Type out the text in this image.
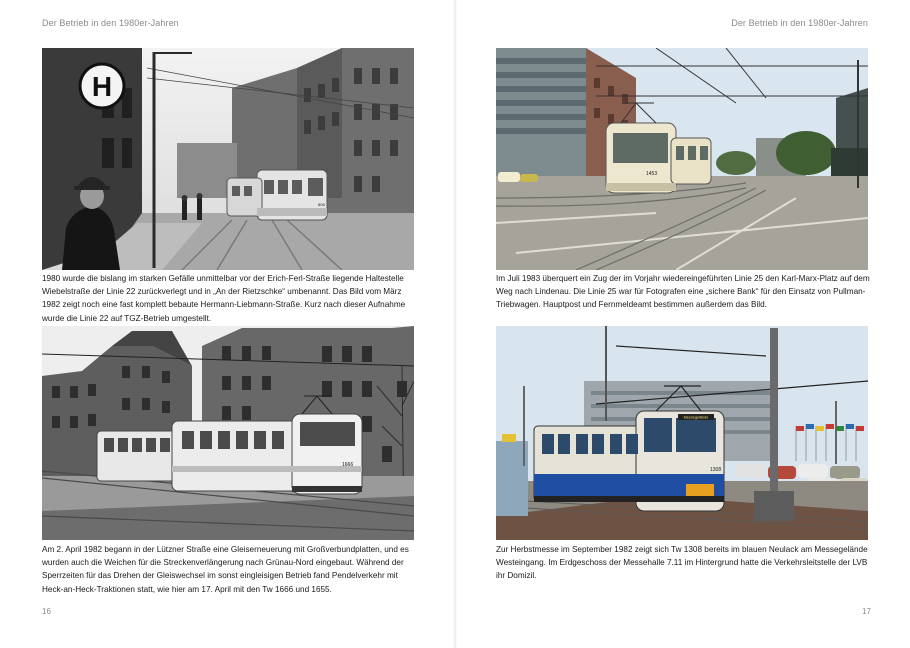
Der Betrieb in den 1980er-Jahren
808
H

1980 wurde die bislang im starken Gefälle unmittelbar vor der Erich-Ferl-Straße liegende Haltestelle Wiebelstraße der Linie 22 zurückverlegt und in „An der Rietzschke“ umbenannt. Das Bild vom März 1982 zeigt noch eine fast komplett bebaute Hermann-Liebmann-Straße. Kurz nach dieser Aufnahme wurde die Linie 22 auf TGZ-Betrieb umgestellt.

1666

Am 2. April 1982 begann in der Lützner Straße eine Gleiserneuerung mit Großverbundplatten, und es wurden auch die Weichen für die Streckenverlängerung nach Grünau-Nord eingebaut. Während der Sperrzeiten für das Drehen der Gleiswechsel im sonst eingleisigen Betrieb fand Pendelverkehr mit Heck-an-Heck-Traktionen statt, wie hier am 17. April mit den Tw 1666 und 1655.

16
Der Betrieb in den 1980er-Jahren
1453

Im Juli 1983 überquert ein Zug der im Vorjahr wiedereingeführten Linie 25 den Karl-Marx-Platz auf dem Weg nach Lindenau. Die Linie 25 war für Fotografen eine „sichere Bank“ für den Einsatz von Pullman-Triebwagen. Hauptpost und Fernmeldeamt bestimmen außerdem das Bild.

Messegelände
1308

Zur Herbstmesse im September 1982 zeigt sich Tw 1308 bereits im blauen Neulack am Messegelände Westeingang. Im Erdgeschoss der Messehalle 7.11 im Hintergrund hatte die Verkehrsleitstelle der LVB ihr Domizil.

17
